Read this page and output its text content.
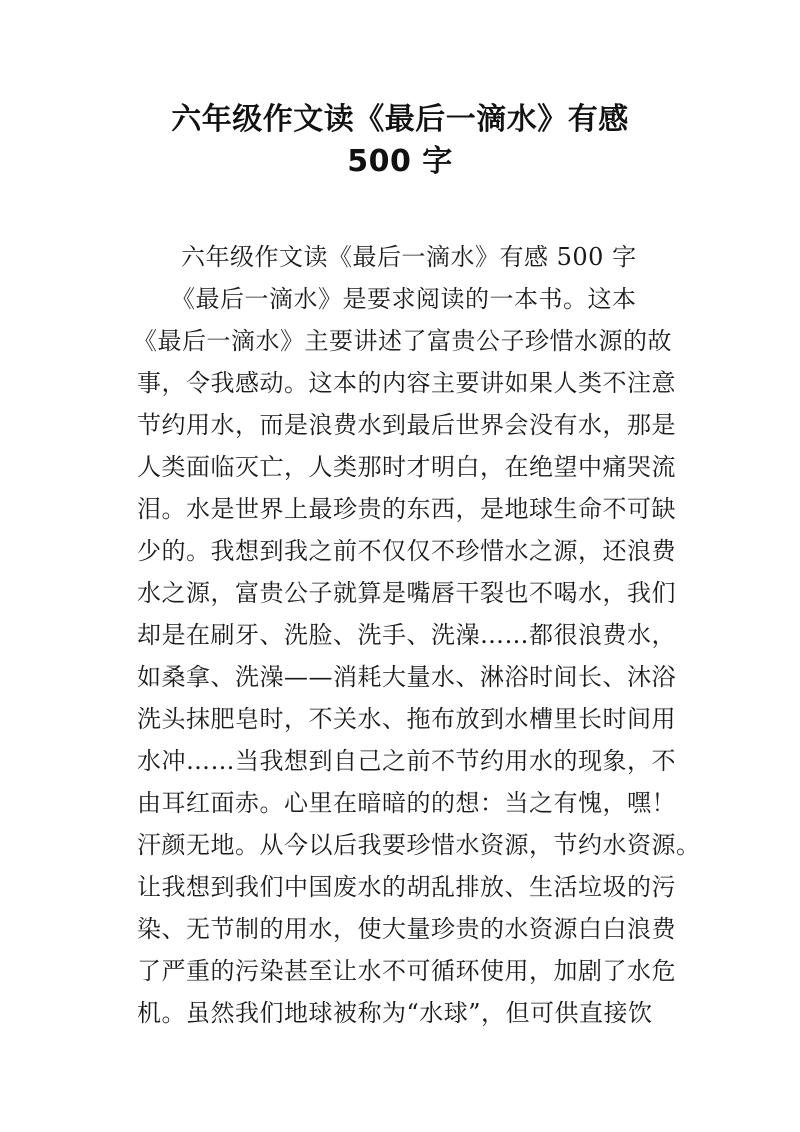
六年级作文读《最后一滴水》有感
500 字
六年级作文读《最后一滴水》有感 500 字
《最后一滴水》是要求阅读的一本书。这本
《最后一滴水》主要讲述了富贵公子珍惜水源的故
事，令我感动。这本的内容主要讲如果人类不注意
节约用水，而是浪费水到最后世界会没有水，那是
人类面临灭亡，人类那时才明白，在绝望中痛哭流
泪。水是世界上最珍贵的东西，是地球生命不可缺
少的。我想到我之前不仅仅不珍惜水之源，还浪费
水之源，富贵公子就算是嘴唇干裂也不喝水，我们
却是在刷牙、洗脸、洗手、洗澡……都很浪费水，
如桑拿、洗澡——消耗大量水、淋浴时间长、沐浴
洗头抹肥皂时，不关水、拖布放到水槽里长时间用
水冲……当我想到自己之前不节约用水的现象，不
由耳红面赤。心里在暗暗的的想：当之有愧，嘿！
汗颜无地。从今以后我要珍惜水资源，节约水资源。
让我想到我们中国废水的胡乱排放、生活垃圾的污
染、无节制的用水，使大量珍贵的水资源白白浪费
了严重的污染甚至让水不可循环使用，加剧了水危
机。虽然我们地球被称为“水球”，但可供直接饮
